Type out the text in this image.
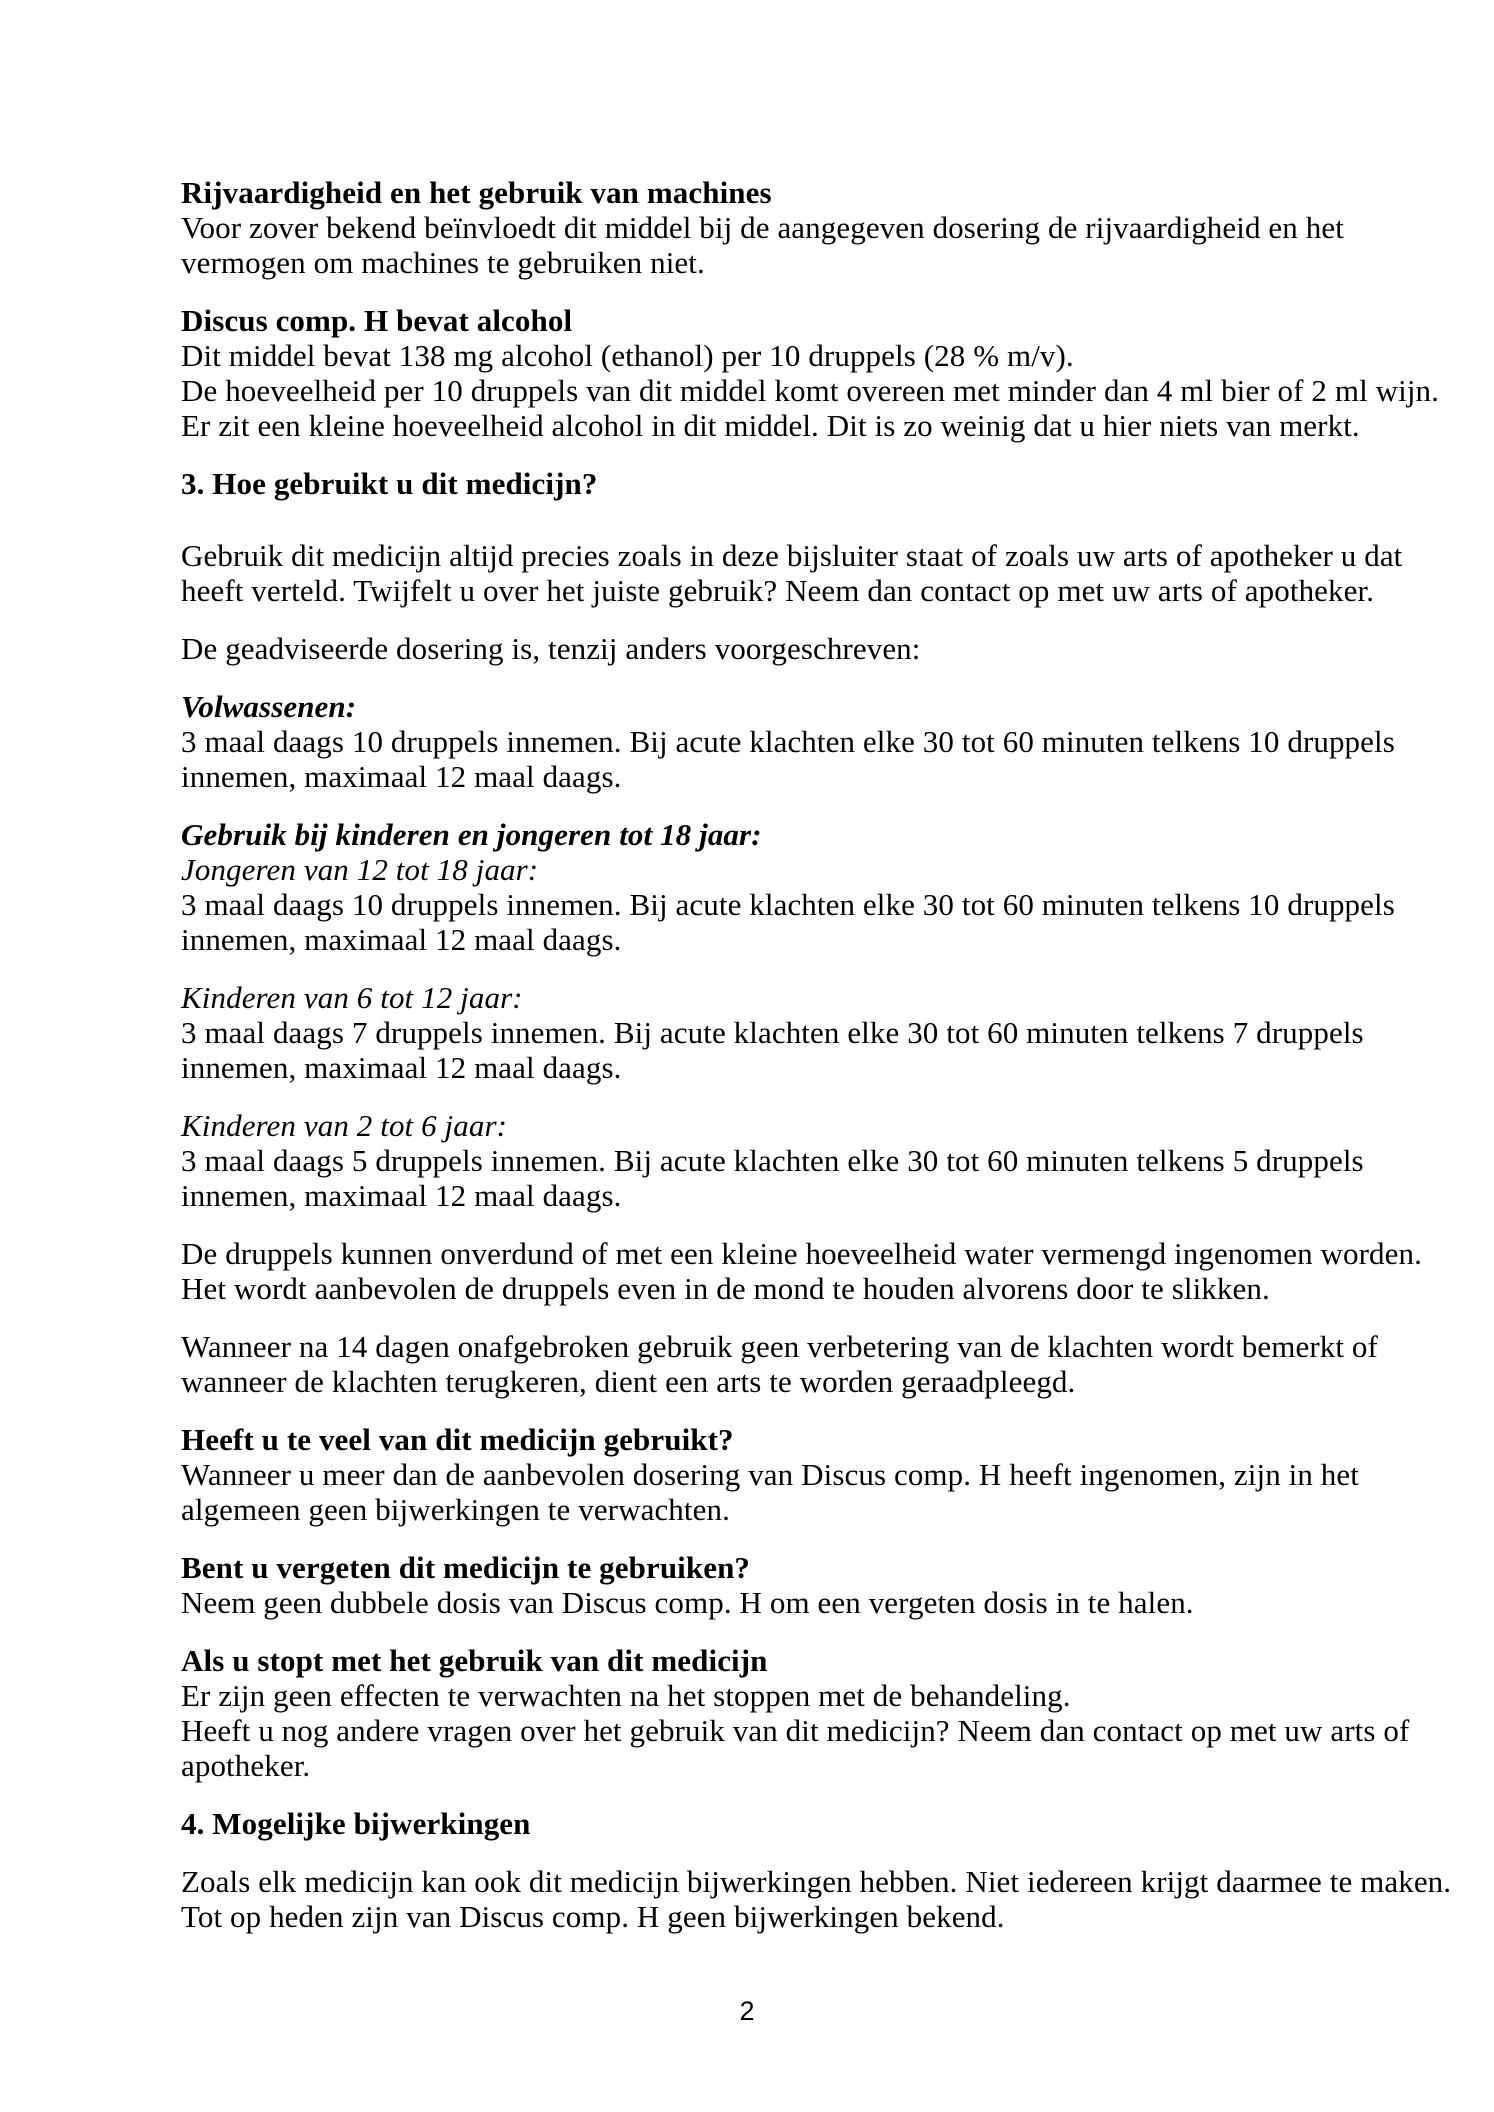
Rijvaardigheid en het gebruik van machines
Voor zover bekend beïnvloedt dit middel bij de aangegeven dosering de rijvaardigheid en het
vermogen om machines te gebruiken niet.
Discus comp. H bevat alcohol
Dit middel bevat 138 mg alcohol (ethanol) per 10 druppels (28 % m/v).
De hoeveelheid per 10 druppels van dit middel komt overeen met minder dan 4 ml bier of 2 ml wijn.
Er zit een kleine hoeveelheid alcohol in dit middel. Dit is zo weinig dat u hier niets van merkt.
3. Hoe gebruikt u dit medicijn?
Gebruik dit medicijn altijd precies zoals in deze bijsluiter staat of zoals uw arts of apotheker u dat
heeft verteld. Twijfelt u over het juiste gebruik? Neem dan contact op met uw arts of apotheker.
De geadviseerde dosering is, tenzij anders voorgeschreven:
Volwassenen:
3 maal daags 10 druppels innemen. Bij acute klachten elke 30 tot 60 minuten telkens 10 druppels
innemen, maximaal 12 maal daags.
Gebruik bij kinderen en jongeren tot 18 jaar:
Jongeren van 12 tot 18 jaar:
3 maal daags 10 druppels innemen. Bij acute klachten elke 30 tot 60 minuten telkens 10 druppels
innemen, maximaal 12 maal daags.
Kinderen van 6 tot 12 jaar:
3 maal daags 7 druppels innemen. Bij acute klachten elke 30 tot 60 minuten telkens 7 druppels
innemen, maximaal 12 maal daags.
Kinderen van 2 tot 6 jaar:
3 maal daags 5 druppels innemen. Bij acute klachten elke 30 tot 60 minuten telkens 5 druppels
innemen, maximaal 12 maal daags.
De druppels kunnen onverdund of met een kleine hoeveelheid water vermengd ingenomen worden.
Het wordt aanbevolen de druppels even in de mond te houden alvorens door te slikken.
Wanneer na 14 dagen onafgebroken gebruik geen verbetering van de klachten wordt bemerkt of
wanneer de klachten terugkeren, dient een arts te worden geraadpleegd.
Heeft u te veel van dit medicijn gebruikt?
Wanneer u meer dan de aanbevolen dosering van Discus comp. H heeft ingenomen, zijn in het
algemeen geen bijwerkingen te verwachten.
Bent u vergeten dit medicijn te gebruiken?
Neem geen dubbele dosis van Discus comp. H om een vergeten dosis in te halen.
Als u stopt met het gebruik van dit medicijn
Er zijn geen effecten te verwachten na het stoppen met de behandeling.
Heeft u nog andere vragen over het gebruik van dit medicijn? Neem dan contact op met uw arts of
apotheker.
4. Mogelijke bijwerkingen
Zoals elk medicijn kan ook dit medicijn bijwerkingen hebben. Niet iedereen krijgt daarmee te maken.
Tot op heden zijn van Discus comp. H geen bijwerkingen bekend.
2
